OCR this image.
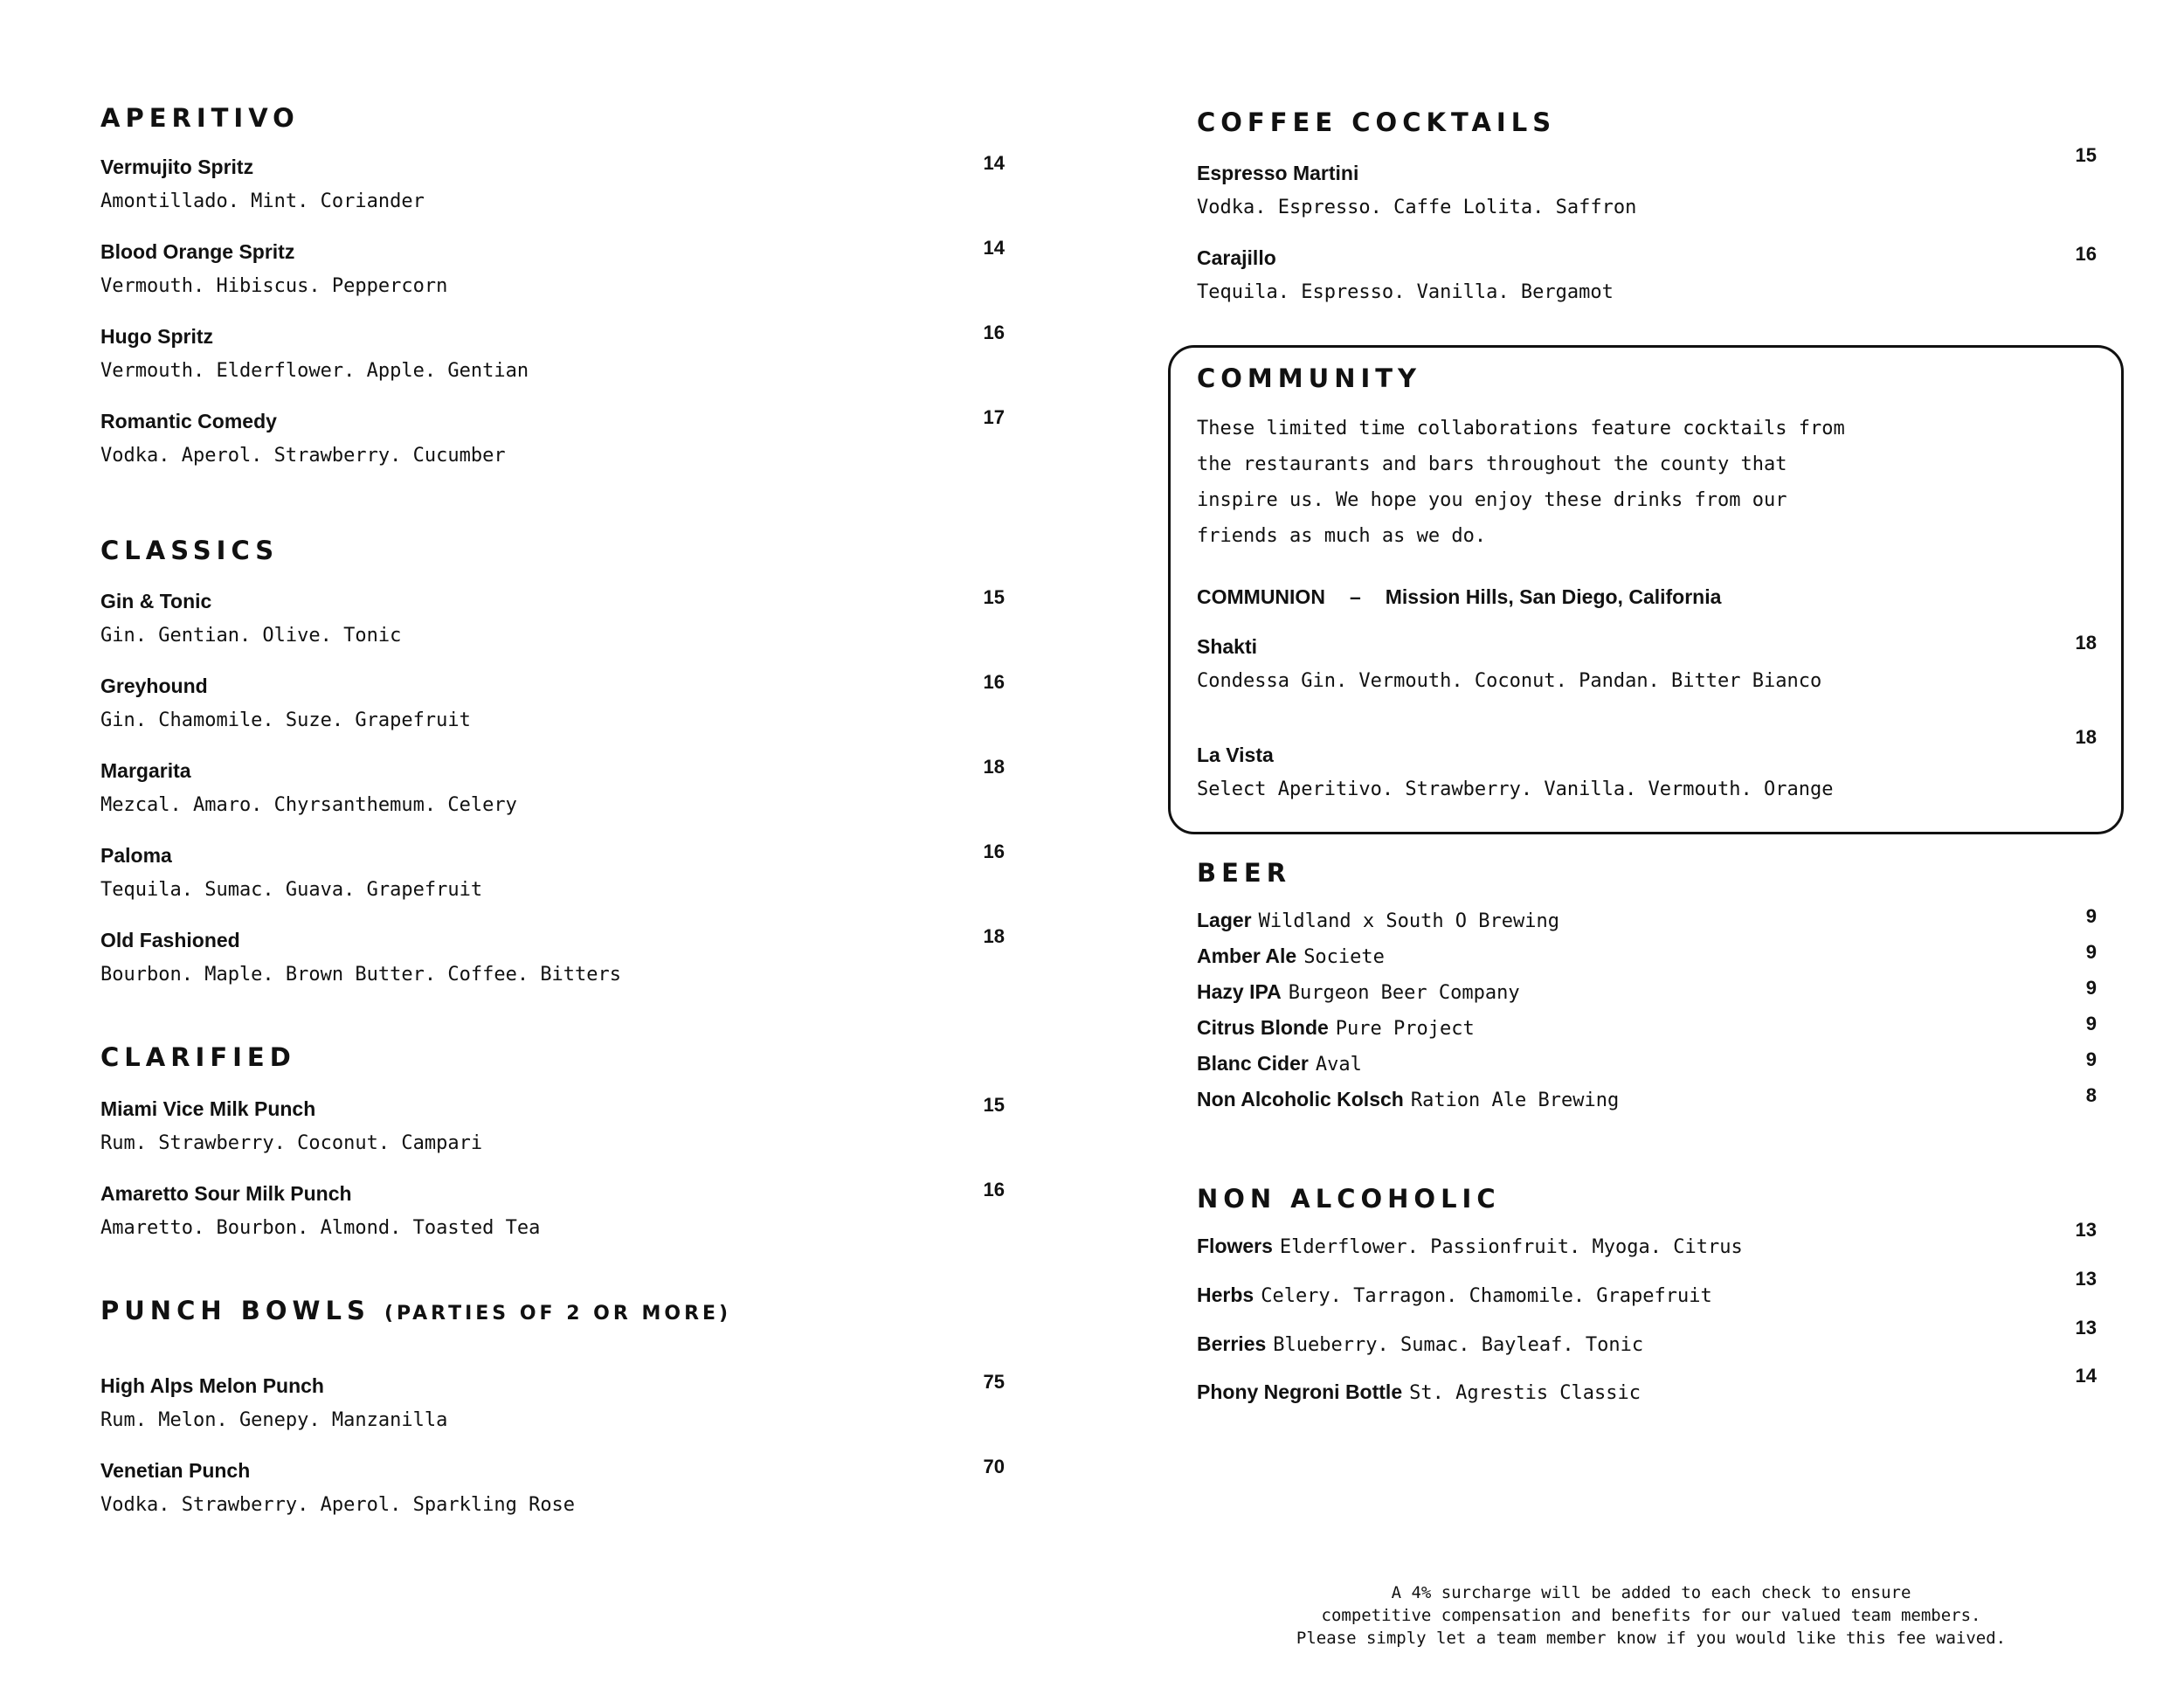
APERITIVO
Vermujito Spritz
Amontillado. Mint. Coriander
14
Blood Orange Spritz
Vermouth. Hibiscus. Peppercorn
14
Hugo Spritz
Vermouth. Elderflower. Apple. Gentian
16
Romantic Comedy
Vodka. Aperol. Strawberry. Cucumber
17
CLASSICS
Gin & Tonic
Gin. Gentian. Olive. Tonic
15
Greyhound
Gin. Chamomile. Suze. Grapefruit
16
Margarita
Mezcal. Amaro. Chyrsanthemum. Celery
18
Paloma
Tequila. Sumac. Guava. Grapefruit
16
Old Fashioned
Bourbon. Maple. Brown Butter. Coffee. Bitters
18
CLARIFIED
Miami Vice Milk Punch
Rum. Strawberry. Coconut. Campari
15
Amaretto Sour Milk Punch
Amaretto. Bourbon. Almond. Toasted Tea
16
PUNCH BOWLS (PARTIES OF 2 OR MORE)
High Alps Melon Punch
Rum. Melon. Genepy. Manzanilla
75
Venetian Punch
Vodka. Strawberry. Aperol. Sparkling Rose
70
COFFEE COCKTAILS
Espresso Martini
Vodka. Espresso. Caffe Lolita. Saffron
15
Carajillo
Tequila. Espresso. Vanilla. Bergamot
16
COMMUNITY
These limited time collaborations feature cocktails from the restaurants and bars throughout the county that inspire us. We hope you enjoy these drinks from our friends as much as we do.
COMMUNION – Mission Hills, San Diego, California
Shakti
Condessa Gin. Vermouth. Coconut. Pandan. Bitter Bianco
18
La Vista
Select Aperitivo. Strawberry. Vanilla. Vermouth. Orange
18
BEER
Lager Wildland x South O Brewing	9
Amber Ale Societe	9
Hazy IPA Burgeon Beer Company	9
Citrus Blonde Pure Project	9
Blanc Cider Aval	9
Non Alcoholic Kolsch Ration Ale Brewing	8
NON ALCOHOLIC
Flowers Elderflower. Passionfruit. Myoga. Citrus
13
Herbs Celery. Tarragon. Chamomile. Grapefruit
13
Berries Blueberry. Sumac. Bayleaf. Tonic
13
Phony Negroni Bottle St. Agrestis Classic
14
A 4% surcharge will be added to each check to ensure
competitive compensation and benefits for our valued team members.
Please simply let a team member know if you would like this fee waived.
